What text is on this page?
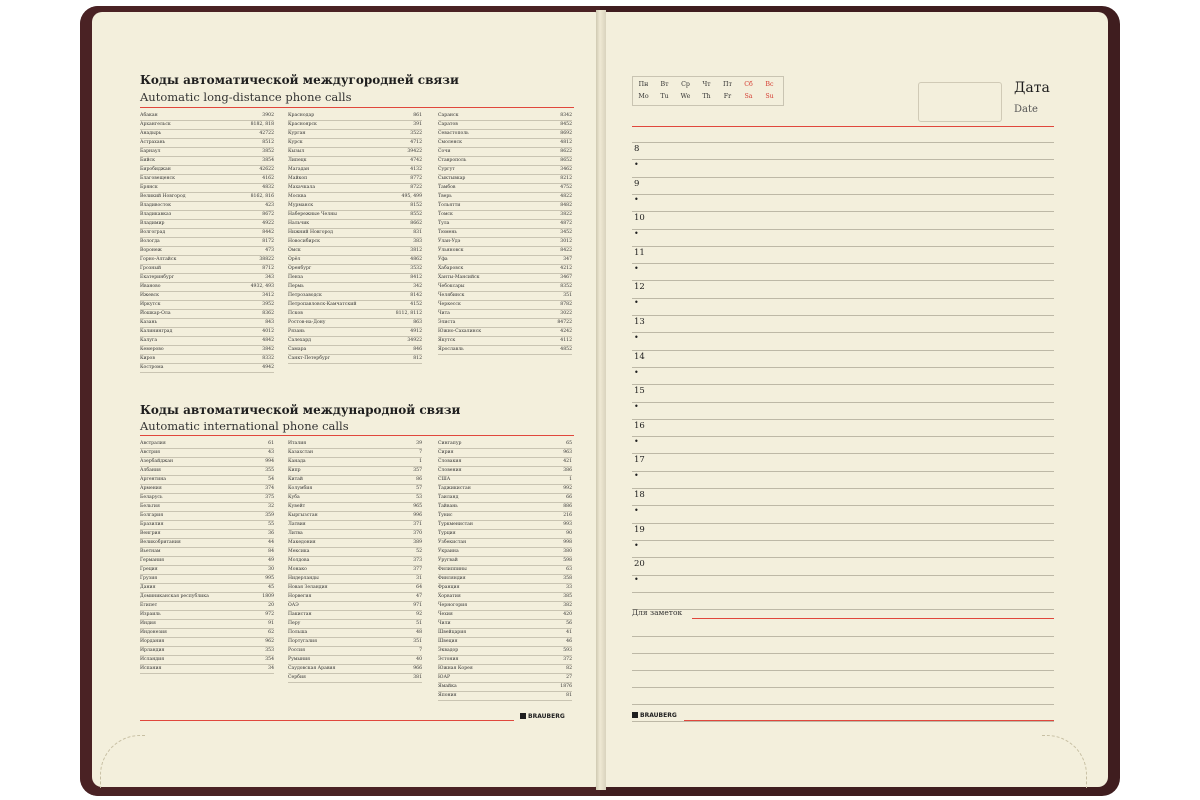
Коды автоматической междугородней связи
Automatic long-distance phone calls
Абакан	3902
Архангельск	8182, 818
Анадырь	42722
Астрахань	8512
Барнаул	3852
Бийск	3854
Биробиджан	42622
Благовещенск	4162
Брянск	4832
Великий Новгород	8162, 816
Владивосток	423
Владикавказ	8672
Владимир	4922
Волгоград	8442
Вологда	8172
Воронеж	473
Горно-Алтайск	38822
Грозный	8712
Екатеринбург	343
Иваново	4932, 493
Ижевск	3412
Иркутск	3952
Йошкар-Ола	8362
Казань	843
Калининград	4012
Калуга	4842
Кемерово	3842
Киров	8332
Кострома	4942
Краснодар	861
Красноярск	391
Курган	3522
Курск	4712
Кызыл	39422
Липецк	4742
Магадан	4132
Майкоп	8772
Махачкала	8722
Москва	495, 499
Мурманск	8152
Набережные Челны	8552
Нальчик	8662
Нижний Новгород	831
Новосибирск	383
Омск	3812
Орёл	4862
Оренбург	3532
Пенза	8412
Пермь	342
Петрозаводск	8142
Петропавловск-Камчатский	4152
Псков	8112, 8112
Ростов-на-Дону	863
Рязань	4912
Салехард	34922
Самара	846
Санкт-Петербург	812
Саранск	8342
Саратов	8452
Севастополь	8692
Смоленск	4812
Сочи	8622
Ставрополь	8652
Сургут	3462
Сыктывкар	8212
Тамбов	4752
Тверь	4822
Тольятти	8482
Томск	3822
Тула	4872
Тюмень	3452
Улан-Удэ	3012
Ульяновск	8422
Уфа	347
Хабаровск	4212
Ханты-Мансийск	3467
Чебоксары	8352
Челябинск	351
Черкесск	8782
Чита	3022
Элиста	84722
Южно-Сахалинск	4242
Якутск	4112
Ярославль	4852
Коды автоматической международной связи
Automatic international phone calls
Австралия	61
Австрия	43
Азербайджан	994
Албания	355
Аргентина	54
Армения	374
Беларусь	375
Бельгия	32
Болгария	359
Бразилия	55
Венгрия	36
Великобритания	44
Вьетнам	84
Германия	49
Греция	30
Грузия	995
Дания	45
Доминиканская республика	1809
Египет	20
Израиль	972
Индия	91
Индонезия	62
Иордания	962
Ирландия	353
Исландия	354
Испания	34
Италия	39
Казахстан	7
Канада	1
Кипр	357
Китай	86
Колумбия	57
Куба	53
Кувейт	965
Кыргызстан	996
Латвия	371
Литва	370
Македония	389
Мексика	52
Молдова	373
Монако	377
Нидерланды	31
Новая Зеландия	64
Норвегия	47
ОАЭ	971
Пакистан	92
Перу	51
Польша	48
Португалия	351
Россия	7
Румыния	40
Саудовская Аравия	966
Сербия	381
Сингапур	65
Сирия	963
Словакия	421
Словения	386
США	1
Таджикистан	992
Таиланд	66
Тайвань	886
Тунис	216
Туркменистан	993
Турция	90
Узбекистан	998
Украина	380
Уругвай	598
Филиппины	63
Финляндия	358
Франция	33
Хорватия	385
Черногория	382
Чехия	420
Чили	56
Швейцария	41
Швеция	46
Эквадор	593
Эстония	372
Южная Корея	82
ЮАР	27
Ямайка	1876
Япония	81
BRAUBERG
Пн	Вт	Ср	Чт	Пт	Сб	Вс
Mo	Tu	We	Th	Fr	Sa	Su
Дата
Date
8
•
9
•
10
•
11
•
12
•
13
•
14
•
15
•
16
•
17
•
18
•
19
•
20
•
Для заметок
BRAUBERG
